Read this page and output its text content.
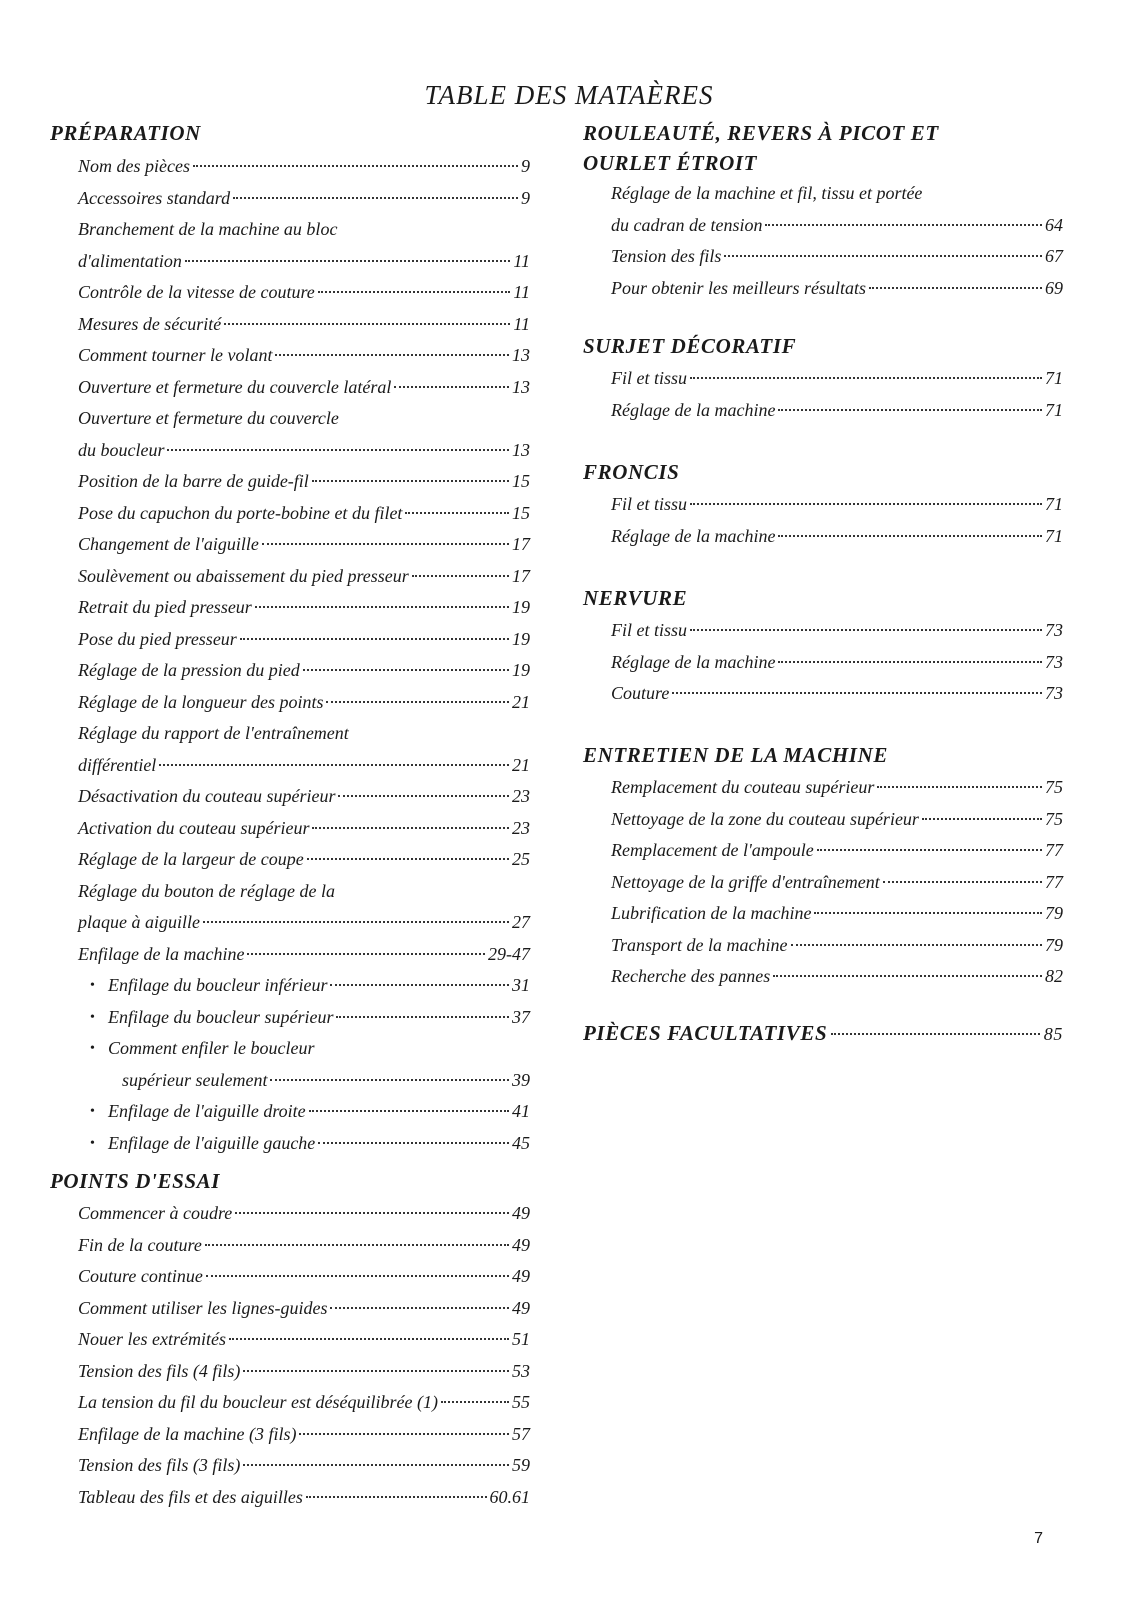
TABLE DES MATAÈRES
PRÉPARATION
Nom des pièces	9
Accessoires standard	9
Branchement de la machine au bloc
d'alimentation	11
Contrôle de la vitesse de couture	11
Mesures de sécurité	11
Comment tourner le volant	13
Ouverture et fermeture du couvercle latéral	13
Ouverture et fermeture du couvercle
du boucleur	13
Position de la barre de guide-fil	15
Pose du capuchon du porte-bobine et du filet	15
Changement de l'aiguille	17
Soulèvement ou abaissement du pied presseur	17
Retrait du pied presseur	19
Pose du pied presseur	19
Réglage de la pression du pied	19
Réglage de la longueur des points	21
Réglage du rapport de l'entraînement
différentiel	21
Désactivation du couteau supérieur	23
Activation du couteau supérieur	23
Réglage de la largeur de coupe	25
Réglage du bouton de réglage de la
plaque à aiguille	27
Enfilage de la machine	29-47
• Enfilage du boucleur inférieur	31
• Enfilage du boucleur supérieur	37
• Comment enfiler le boucleur
supérieur seulement	39
• Enfilage de l'aiguille droite	41
• Enfilage de l'aiguille gauche	45
POINTS D'ESSAI
Commencer à coudre	49
Fin de la couture	49
Couture continue	49
Comment utiliser les lignes-guides	49
Nouer les extrémités	51
Tension des fils (4 fils)	53
La tension du fil du boucleur est déséquilibrée (1)	55
Enfilage de la machine (3 fils)	57
Tension des fils (3 fils)	59
Tableau des fils et des aiguilles	60.61
ROULEAUTÉ, REVERS À PICOT ET
OURLET ÉTROIT
Réglage de la machine et fil, tissu et portée
du cadran de tension	64
Tension des fils	67
Pour obtenir les meilleurs résultats	69
SURJET DÉCORATIF
Fil et tissu	71
Réglage de la machine	71
FRONCIS
Fil et tissu	71
Réglage de la machine	71
NERVURE
Fil et tissu	73
Réglage de la machine	73
Couture	73
ENTRETIEN DE LA MACHINE
Remplacement du couteau supérieur	75
Nettoyage de la zone du couteau supérieur	75
Remplacement de l'ampoule	77
Nettoyage de la griffe d'entraînement	77
Lubrification de la machine	79
Transport de la machine	79
Recherche des pannes	82
PIÈCES FACULTATIVES	85
7
